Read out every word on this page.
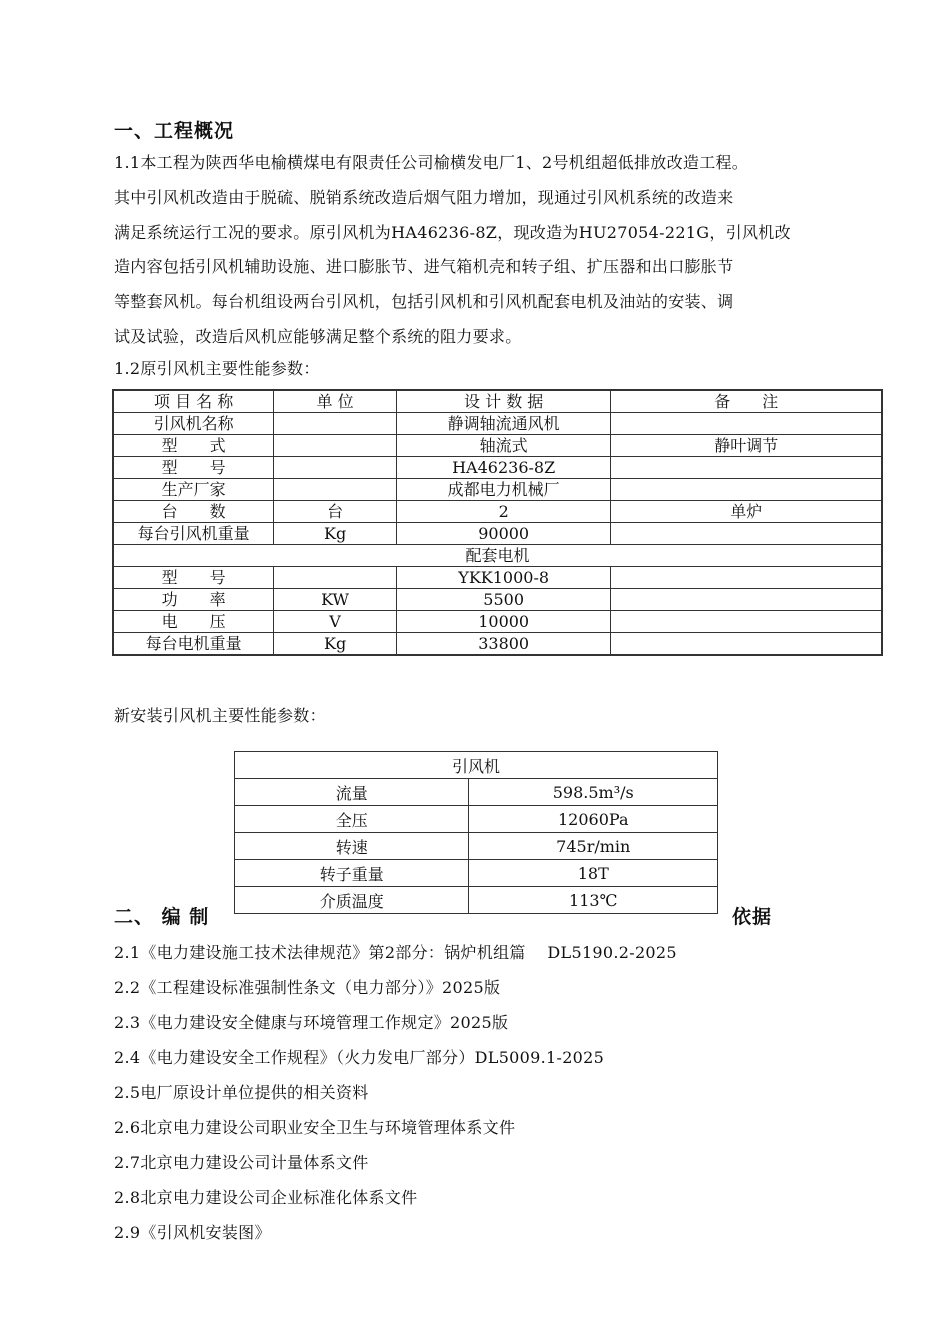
一、工程概况
1.1本工程为陕西华电榆横煤电有限责任公司榆横发电厂1、2号机组超低排放改造工程。
其中引风机改造由于脱硫、脱销系统改造后烟气阻力增加，现通过引风机系统的改造来
满足系统运行工况的要求。原引风机为HA46236-8Z，现改造为HU27054-221G，引风机改
造内容包括引风机辅助设施、进口膨胀节、进气箱机壳和转子组、扩压器和出口膨胀节
等整套风机。每台机组设两台引风机，包括引风机和引风机配套电机及油站的安装、调
试及试验，改造后风机应能够满足整个系统的阻力要求。
1.2原引风机主要性能参数：
项 目 名 称	单 位	设 计 数 据	备　　注
引风机名称		静调轴流通风机	
型　　式		轴流式	静叶调节
型　　号		HA46236-8Z	
生产厂家		成都电力机械厂	
台　　数	台	2	单炉
每台引风机重量	Kg	90000	
配套电机			
型　　号		YKK1000-8	
功　　率	KW	5500	
电　　压	V	10000	
每台电机重量	Kg	33800	
新安装引风机主要性能参数：
引风机	
流量	598.5m³/s
全压	12060Pa
转速	745r/min
转子重量	18T
介质温度	113℃
二、 编 制	依据
2.1《电力建设施工技术法律规范》第2部分：锅炉机组篇　 DL5190.2-2025
2.2《工程建设标准强制性条文（电力部分）》2025版
2.3《电力建设安全健康与环境管理工作规定》2025版
2.4《电力建设安全工作规程》（火力发电厂部分）DL5009.1-2025
2.5电厂原设计单位提供的相关资料
2.6北京电力建设公司职业安全卫生与环境管理体系文件
2.7北京电力建设公司计量体系文件
2.8北京电力建设公司企业标准化体系文件
2.9《引风机安装图》
